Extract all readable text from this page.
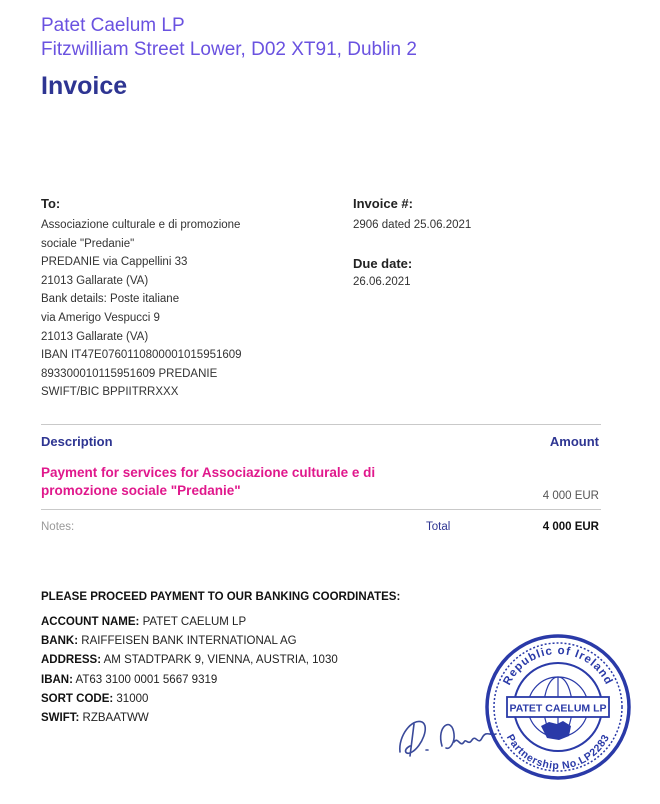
Patet Caelum LP
Fitzwilliam Street Lower, D02 XT91, Dublin 2
Invoice
To:
Associazione culturale e di promozione
sociale "Predanie"
PREDANIE via Cappellini 33
21013 Gallarate (VA)
Bank details: Poste italiane
via Amerigo Vespucci 9
21013 Gallarate (VA)
IBAN IT47E0760110800001015951609
893300010115951609 PREDANIE
SWIFT/BIC BPPIITRRXXX
Invoice #:
2906 dated 25.06.2021
Due date:
26.06.2021
Description	Amount
Payment for services for Associazione culturale e di promozione sociale "Predanie"	4 000 EUR
Notes:	Total	4 000 EUR
PLEASE PROCEED PAYMENT TO OUR BANKING COORDINATES:
ACCOUNT NAME: PATET CAELUM LP
BANK: RAIFFEISEN BANK INTERNATIONAL AG
ADDRESS: AM STADTPARK 9, VIENNA, AUSTRIA, 1030
IBAN: AT63 3100 0001 5667 9319
SORT CODE: 31000
SWIFT: RZBAATWW
Republic of Ireland
Partnership No.LP2283
PATET CAELUM LP
